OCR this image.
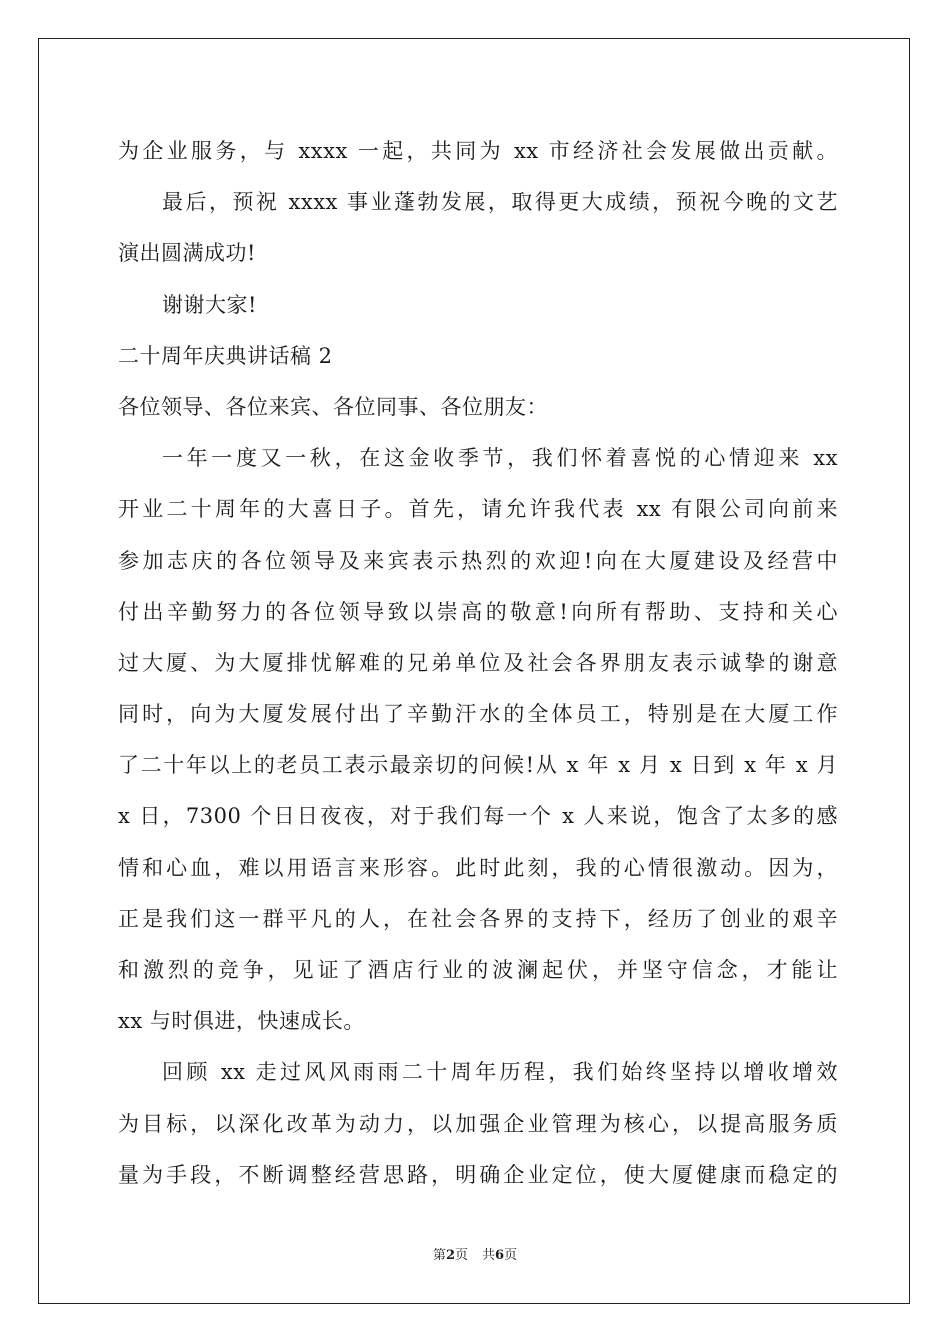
为企业服务，与 xxxx 一起，共同为 xx 市经济社会发展做出贡献。
最后，预祝 xxxx 事业蓬勃发展，取得更大成绩，预祝今晚的文艺
演出圆满成功!
谢谢大家!
二十周年庆典讲话稿 2
各位领导、各位来宾、各位同事、各位朋友：
一年一度又一秋，在这金收季节，我们怀着喜悦的心情迎来 xx
开业二十周年的大喜日子。首先，请允许我代表 xx 有限公司向前来
参加志庆的各位领导及来宾表示热烈的欢迎!向在大厦建设及经营中
付出辛勤努力的各位领导致以崇高的敬意!向所有帮助、支持和关心
过大厦、为大厦排忧解难的兄弟单位及社会各界朋友表示诚挚的谢意
同时，向为大厦发展付出了辛勤汗水的全体员工，特别是在大厦工作
了二十年以上的老员工表示最亲切的问候!从 x 年 x 月 x 日到 x 年 x 月
x 日，7300 个日日夜夜，对于我们每一个 x 人来说，饱含了太多的感
情和心血，难以用语言来形容。此时此刻，我的心情很激动。因为，
正是我们这一群平凡的人，在社会各界的支持下，经历了创业的艰辛
和激烈的竞争，见证了酒店行业的波澜起伏，并坚守信念，才能让
xx 与时俱进，快速成长。
回顾 xx 走过风风雨雨二十周年历程，我们始终坚持以增收增效
为目标，以深化改革为动力，以加强企业管理为核心，以提高服务质
量为手段，不断调整经营思路，明确企业定位，使大厦健康而稳定的
第2页 共6页
